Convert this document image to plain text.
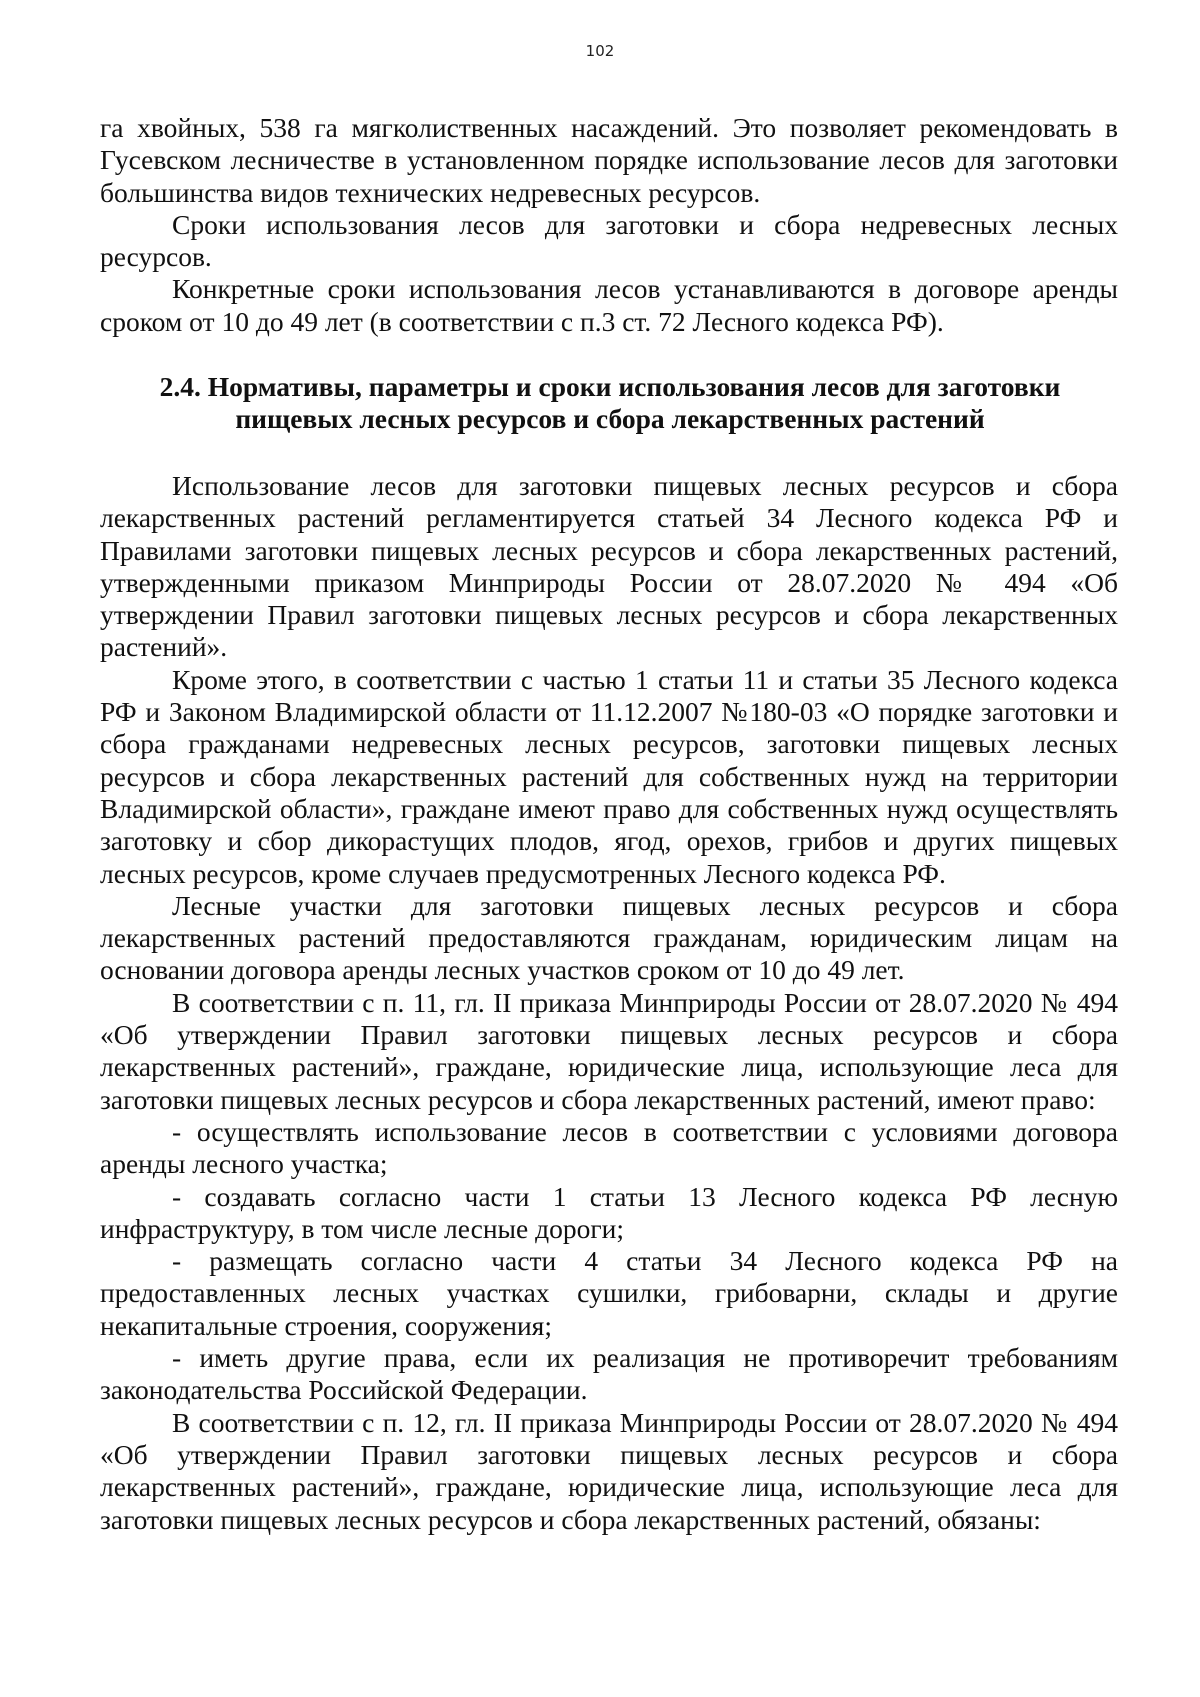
102

га хвойных, 538 га мягколиственных насаждений. Это позволяет рекомендовать в Гусевском лесничестве в установленном порядке использование лесов для заготовки большинства видов технических недревесных ресурсов.

Сроки использования лесов для заготовки и сбора недревесных лесных ресурсов.

Конкретные сроки использования лесов устанавливаются в договоре аренды сроком от 10 до 49 лет (в соответствии с п.3 ст. 72 Лесного кодекса РФ).

2.4. Нормативы, параметры и сроки использования лесов для заготовки

пищевых лесных ресурсов и сбора лекарственных растений

Использование лесов для заготовки пищевых лесных ресурсов и сбора лекарственных растений регламентируется статьей 34 Лесного кодекса РФ и Правилами заготовки пищевых лесных ресурсов и сбора лекарственных растений, утвержденными приказом Минприроды России от 28.07.2020 № 494 «Об утверждении Правил заготовки пищевых лесных ресурсов и сбора лекарственных растений».

Кроме этого, в соответствии с частью 1 статьи 11 и статьи 35 Лесного кодекса РФ и Законом Владимирской области от 11.12.2007 №180-03 «О порядке заготовки и сбора гражданами недревесных лесных ресурсов, заготовки пищевых лесных ресурсов и сбора лекарственных растений для собственных нужд на территории Владимирской области», граждане имеют право для собственных нужд осуществлять заготовку и сбор дикорастущих плодов, ягод, орехов, грибов и других пищевых лесных ресурсов, кроме случаев предусмотренных Лесного кодекса РФ.

Лесные участки для заготовки пищевых лесных ресурсов и сбора лекарственных растений предоставляются гражданам, юридическим лицам на основании договора аренды лесных участков сроком от 10 до 49 лет.

В соответствии с п. 11, гл. II приказа Минприроды России от 28.07.2020 № 494 «Об утверждении Правил заготовки пищевых лесных ресурсов и сбора лекарственных растений», граждане, юридические лица, использующие леса для заготовки пищевых лесных ресурсов и сбора лекарственных растений, имеют право:

- осуществлять использование лесов в соответствии с условиями договора аренды лесного участка;

- создавать согласно части 1 статьи 13 Лесного кодекса РФ лесную инфраструктуру, в том числе лесные дороги;

- размещать согласно части 4 статьи 34 Лесного кодекса РФ на предоставленных лесных участках сушилки, грибоварни, склады и другие некапитальные строения, сооружения;

- иметь другие права, если их реализация не противоречит требованиям законодательства Российской Федерации.

В соответствии с п. 12, гл. II приказа Минприроды России от 28.07.2020 № 494 «Об утверждении Правил заготовки пищевых лесных ресурсов и сбора лекарственных растений», граждане, юридические лица, использующие леса для заготовки пищевых лесных ресурсов и сбора лекарственных растений, обязаны:
